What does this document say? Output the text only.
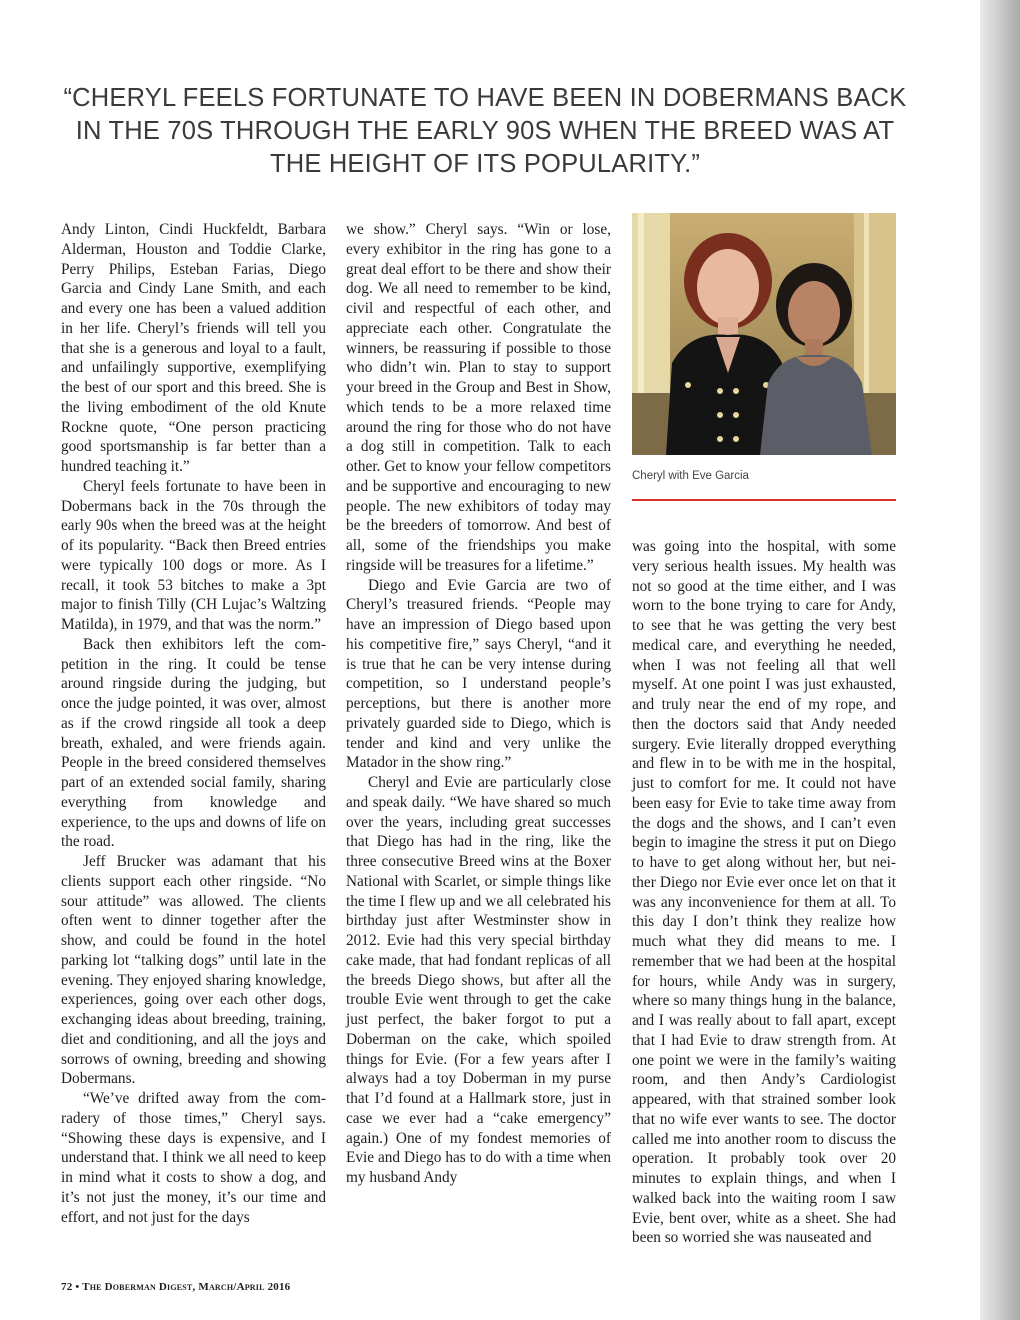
“CHERYL FEELS FORTUNATE TO HAVE BEEN IN DOBERMANS BACK IN THE 70S THROUGH THE EARLY 90S WHEN THE BREED WAS AT THE HEIGHT OF ITS POPULARITY.”

Andy Linton, Cindi Huckfeldt, Barbara Alderman, Houston and Toddie Clarke, Perry Philips, Esteban Farias, Diego Garcia and Cindy Lane Smith, and each and every one has been a valued addition in her life. Cheryl’s friends will tell you that she is a generous and loyal to a fault, and unfailingly supportive, exemplifying the best of our sport and this breed. She is the living embodiment of the old Knute Rockne quote, “One person practicing good sportsmanship is far better than a hundred teaching it.”

Cheryl feels fortunate to have been in Dobermans back in the 70s through the early 90s when the breed was at the height of its popularity. “Back then Breed entries were typically 100 dogs or more. As I recall, it took 53 bitches to make a 3pt major to finish Tilly (CH Lujac’s Waltzing Matilda), in 1979, and that was the norm.”

Back then exhibitors left the competition in the ring. It could be tense around ringside during the judging, but once the judge pointed, it was over, almost as if the crowd ringside all took a deep breath, exhaled, and were friends again. People in the breed considered themselves part of an extended social family, sharing everything from knowledge and experience, to the ups and downs of life on the road.

Jeff Brucker was adamant that his clients support each other ringside. “No sour attitude” was allowed. The clients often went to dinner together after the show, and could be found in the hotel parking lot “talking dogs” until late in the evening. They enjoyed sharing knowledge, experiences, going over each other dogs, exchanging ideas about breeding, training, diet and conditioning, and all the joys and sorrows of owning, breeding and showing Dobermans.

“We’ve drifted away from the comradery of those times,” Cheryl says. “Showing these days is expensive, and I understand that. I think we all need to keep in mind what it costs to show a dog, and it’s not just the money, it’s our time and effort, and not just for the days

we show.” Cheryl says. “Win or lose, every exhibitor in the ring has gone to a great deal effort to be there and show their dog. We all need to remember to be kind, civil and respectful of each other, and appreciate each other. Congratulate the winners, be reassuring if possible to those who didn’t win. Plan to stay to support your breed in the Group and Best in Show, which tends to be a more relaxed time around the ring for those who do not have a dog still in competition. Talk to each other. Get to know your fellow competitors and be supportive and encouraging to new people. The new exhibitors of today may be the breeders of tomorrow. And best of all, some of the friendships you make ringside will be treasures for a lifetime.”

Diego and Evie Garcia are two of Cheryl’s treasured friends. “People may have an impression of Diego based upon his competitive fire,” says Cheryl, “and it is true that he can be very intense during competition, so I understand people’s perceptions, but there is another more privately guarded side to Diego, which is tender and kind and very unlike the Matador in the show ring.”

Cheryl and Evie are particularly close and speak daily. “We have shared so much over the years, including great successes that Diego has had in the ring, like the three consecutive Breed wins at the Boxer National with Scarlet, or simple things like the time I flew up and we all celebrated his birthday just after Westminster show in 2012. Evie had this very special birthday cake made, that had fondant replicas of all the breeds Diego shows, but after all the trouble Evie went through to get the cake just perfect, the baker forgot to put a Doberman on the cake, which spoiled things for Evie. (For a few years after I always had a toy Doberman in my purse that I’d found at a Hallmark store, just in case we ever had a “cake emergency” again.) One of my fondest memories of Evie and Diego has to do with a time when my husband Andy

Cheryl with Eve Garcia

was going into the hospital, with some very serious health issues. My health was not so good at the time either, and I was worn to the bone trying to care for Andy, to see that he was getting the very best medical care, and everything he needed, when I was not feeling all that well myself. At one point I was just exhausted, and truly near the end of my rope, and then the doctors said that Andy needed surgery. Evie literally dropped everything and flew in to be with me in the hospital, just to comfort for me. It could not have been easy for Evie to take time away from the dogs and the shows, and I can’t even begin to imagine the stress it put on Diego to have to get along without her, but neither Diego nor Evie ever once let on that it was any inconvenience for them at all. To this day I don’t think they realize how much what they did means to me. I remember that we had been at the hospital for hours, while Andy was in surgery, where so many things hung in the balance, and I was really about to fall apart, except that I had Evie to draw strength from. At one point we were in the family’s waiting room, and then Andy’s Cardiologist appeared, with that strained somber look that no wife ever wants to see. The doctor called me into another room to discuss the operation. It probably took over 20 minutes to explain things, and when I walked back into the waiting room I saw Evie, bent over, white as a sheet. She had been so worried she was nauseated and

72 • The Doberman Digest, March/April 2016
